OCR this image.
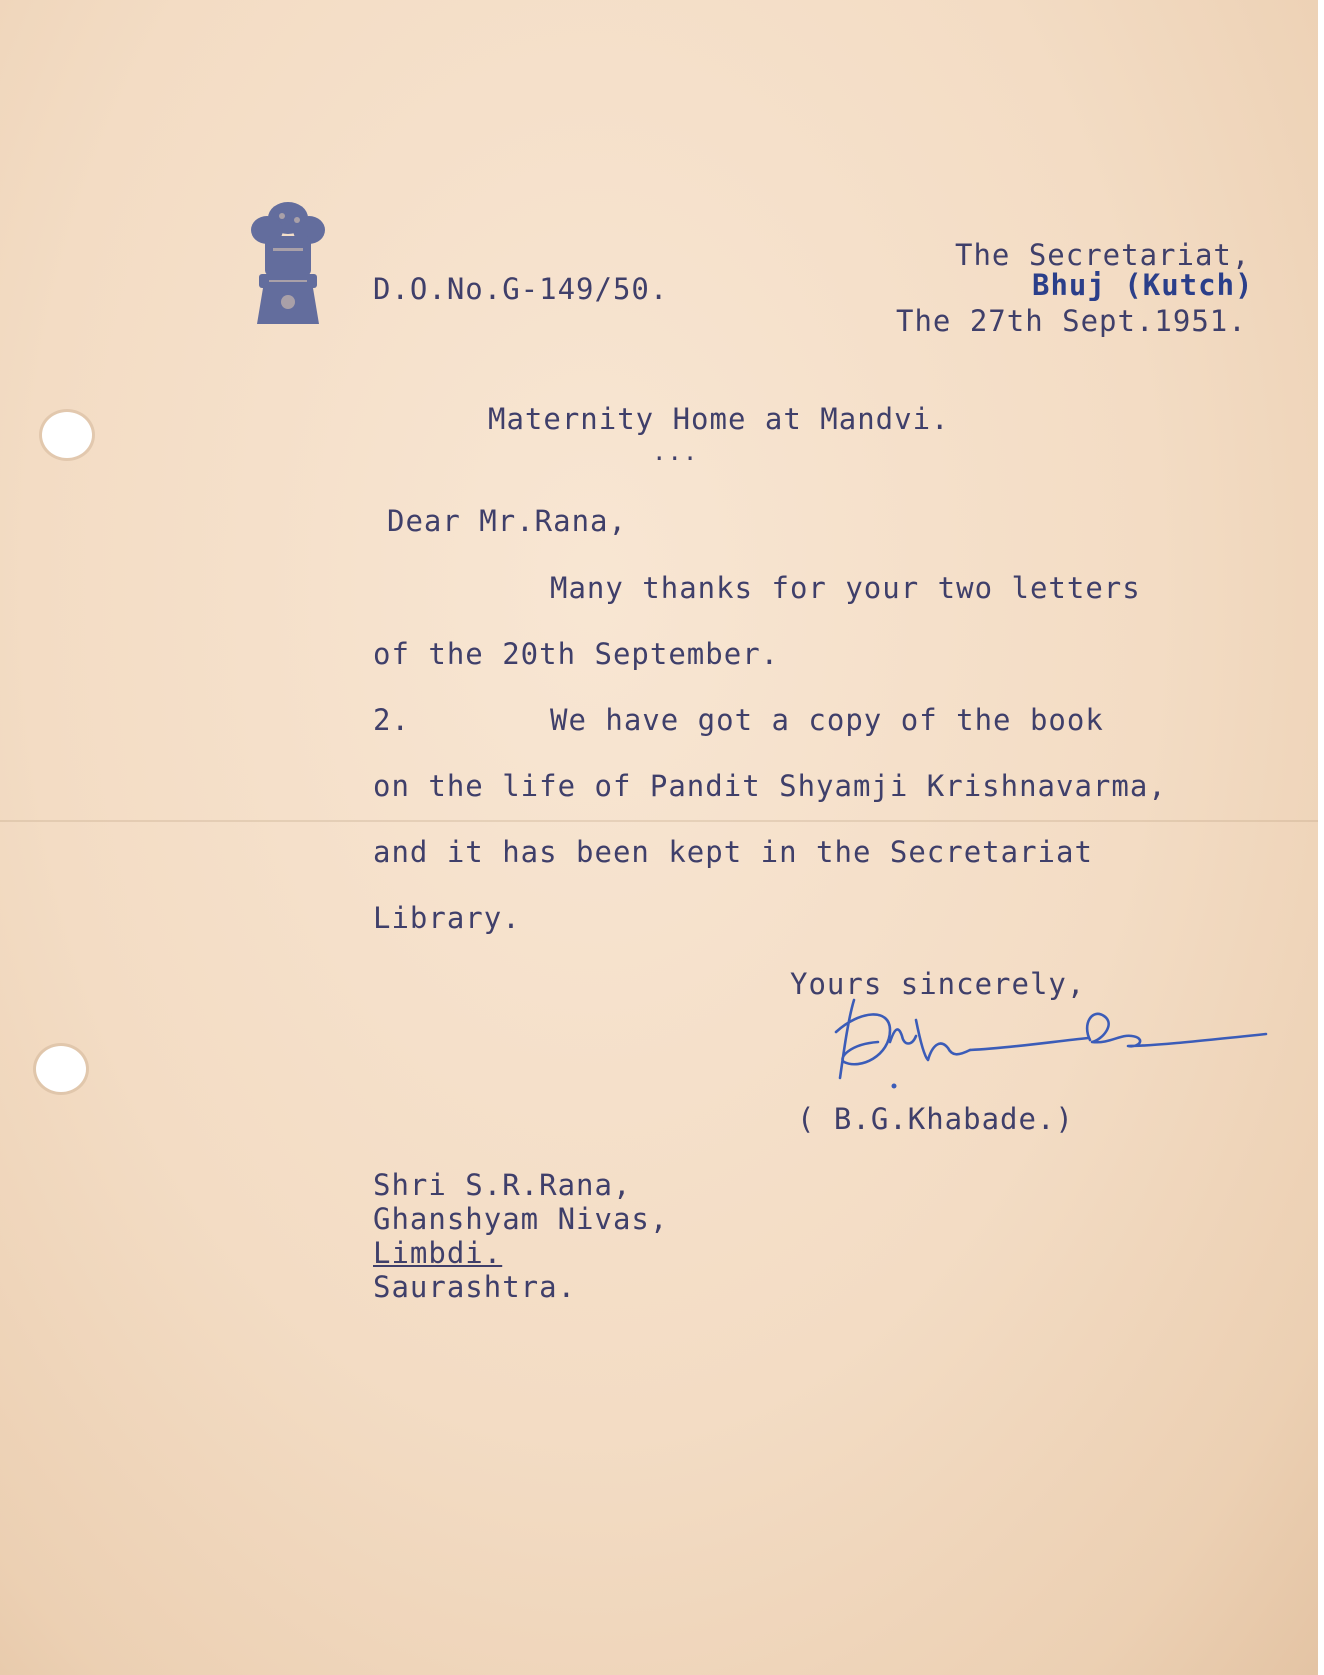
D.O.No.G-149/50.
The Secretariat,
Bhuj (Kutch)
The 27th Sept.1951.
Maternity Home at Mandvi.
...
Dear Mr.Rana,
Many thanks for your two letters
of the 20th September.
2.	We have got a copy of the book
on the life of Pandit Shyamji Krishnavarma,
and it has been kept in the Secretariat
Library.
Yours sincerely,
( B.G.Khabade.)
Shri S.R.Rana,
Ghanshyam Nivas,
Limbdi.
Saurashtra.
